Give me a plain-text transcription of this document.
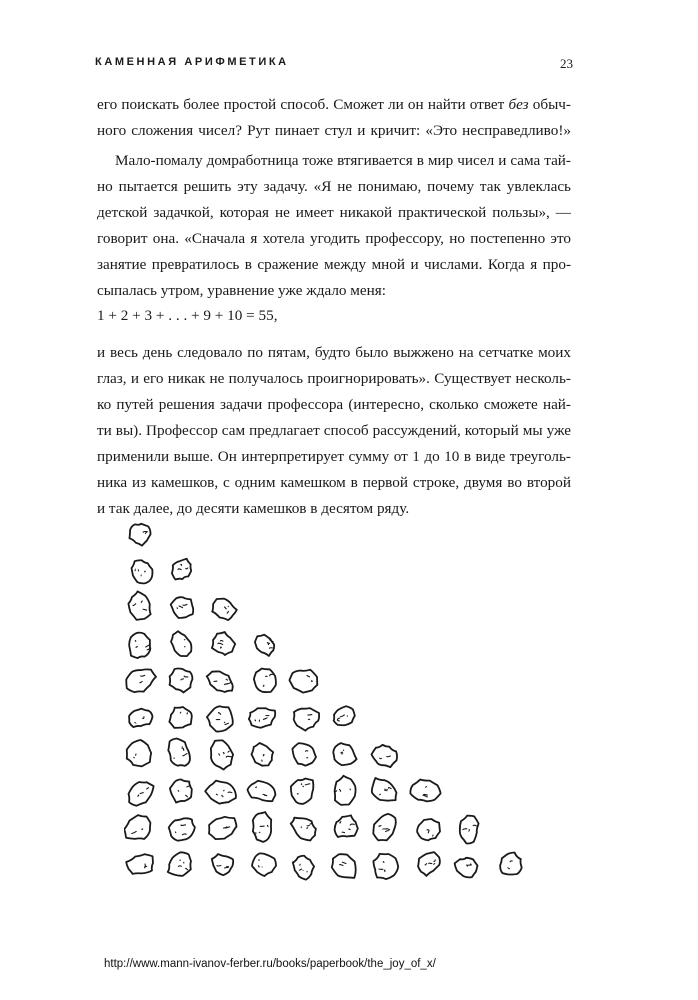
КАМЕННАЯ АРИФМЕТИКА	23
его поискать более простой способ. Сможет ли он найти ответ без обыч-
ного сложения чисел? Рут пинает стул и кричит: «Это несправедливо!»
Мало-помалу домработница тоже втягивается в мир чисел и сама тай-
но пытается решить эту задачу. «Я не понимаю, почему так увлеклась
детской задачкой, которая не имеет никакой практической пользы», —
говорит она. «Сначала я хотела угодить профессору, но постепенно это
занятие превратилось в сражение между мной и числами. Когда я про-
сыпалась утром, уравнение уже ждало меня:
1 + 2 + 3 + . . . + 9 + 10 = 55,
и весь день следовало по пятам, будто было выжжено на сетчатке моих
глаз, и его никак не получалось проигнорировать». Существует несколь-
ко путей решения задачи профессора (интересно, сколько сможете най-
ти вы). Профессор сам предлагает способ рассуждений, который мы уже
применили выше. Он интерпретирует сумму от 1 до 10 в виде треуголь-
ника из камешков, с одним камешком в первой строке, двумя во второй
и так далее, до десяти камешков в десятом ряду.
http://www.mann-ivanov-ferber.ru/books/paperbook/the_joy_of_x/
